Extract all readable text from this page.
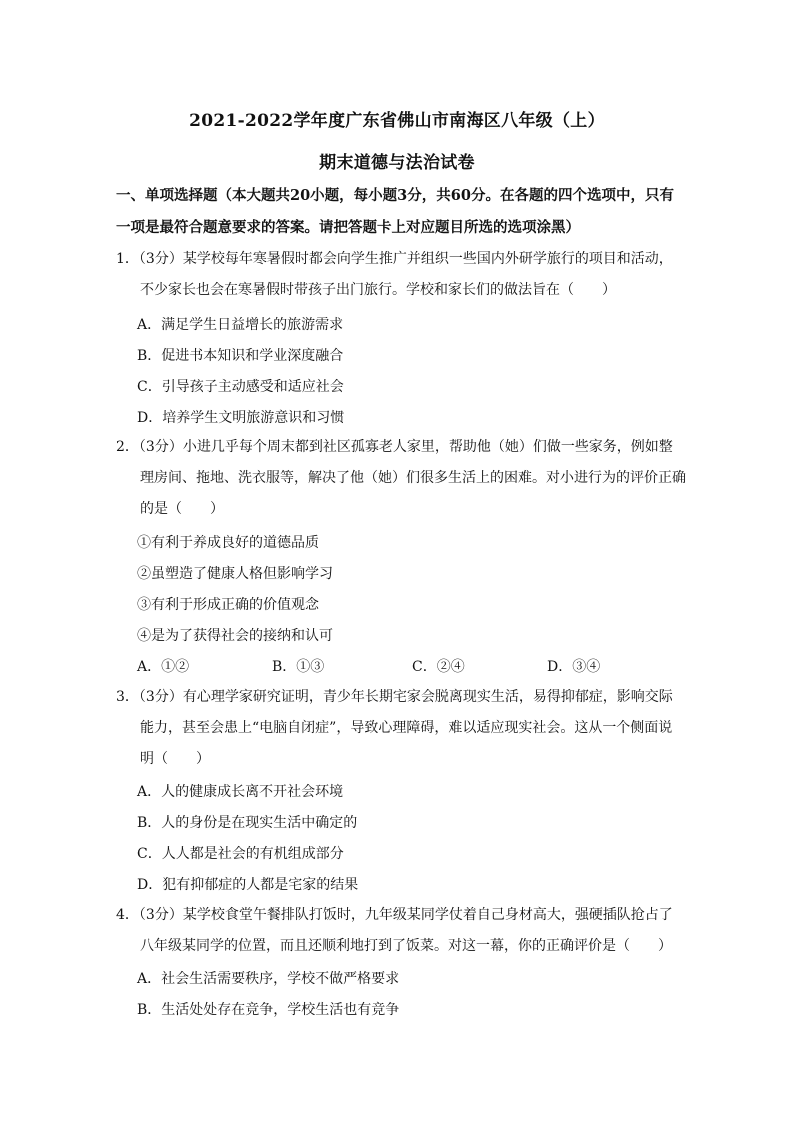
2021-2022学年度广东省佛山市南海区八年级（上）
期末道德与法治试卷
一、单项选择题（本大题共20小题，每小题3分，共60分。在各题的四个选项中，只有一项是最符合题意要求的答案。请把答题卡上对应题目所选的选项涂黑）
1．（3分）某学校每年寒暑假时都会向学生推广并组织一些国内外研学旅行的项目和活动，不少家长也会在寒暑假时带孩子出门旅行。学校和家长们的做法旨在（　　）
A．满足学生日益增长的旅游需求
B．促进书本知识和学业深度融合
C．引导孩子主动感受和适应社会
D．培养学生文明旅游意识和习惯
2．（3分）小进几乎每个周末都到社区孤寡老人家里，帮助他（她）们做一些家务，例如整理房间、拖地、洗衣服等，解决了他（她）们很多生活上的困难。对小进行为的评价正确的是（　　）
①有利于养成良好的道德品质
②虽塑造了健康人格但影响学习
③有利于形成正确的价值观念
④是为了获得社会的接纳和认可
A．①②	B．①③	C．②④	D．③④
3．（3分）有心理学家研究证明，青少年长期宅家会脱离现实生活，易得抑郁症，影响交际能力，甚至会患上“电脑自闭症”，导致心理障碍，难以适应现实社会。这从一个侧面说明（　　）
A．人的健康成长离不开社会环境
B．人的身份是在现实生活中确定的
C．人人都是社会的有机组成部分
D．犯有抑郁症的人都是宅家的结果
4．（3分）某学校食堂午餐排队打饭时，九年级某同学仗着自己身材高大，强硬插队抢占了八年级某同学的位置，而且还顺利地打到了饭菜。对这一幕，你的正确评价是（　　）
A．社会生活需要秩序，学校不做严格要求
B．生活处处存在竞争，学校生活也有竞争
